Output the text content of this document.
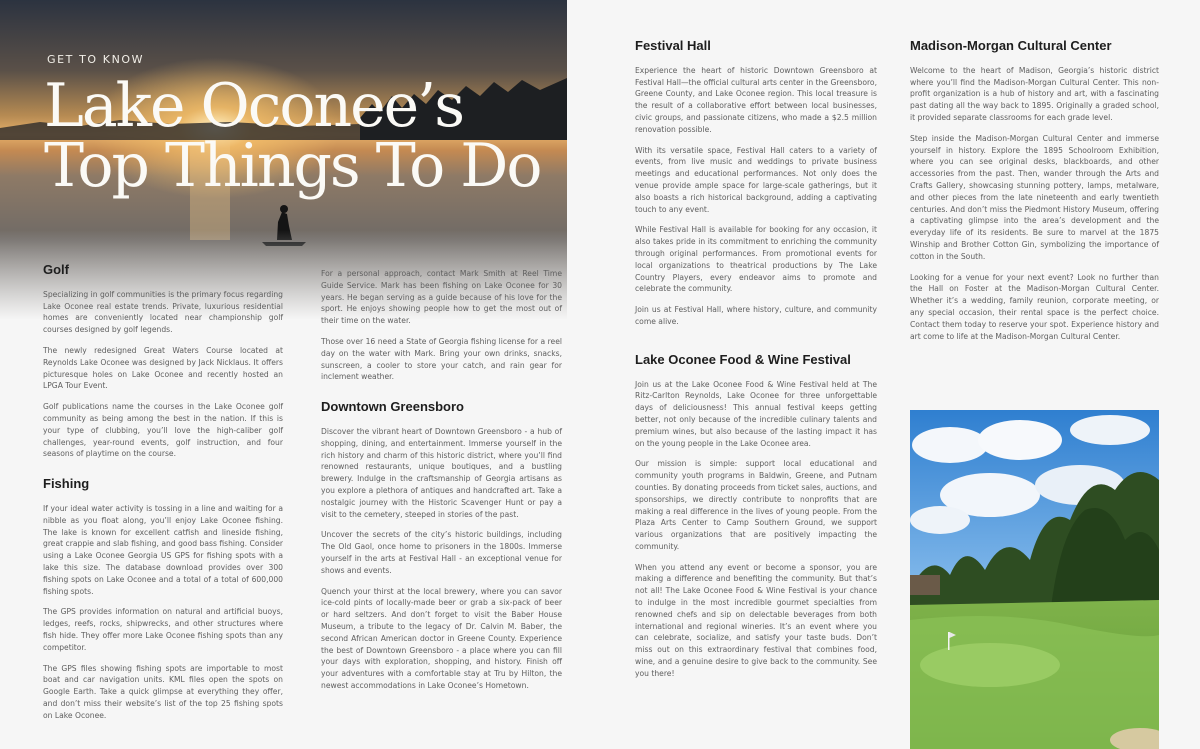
GET TO KNOW
Lake Oconee’s
Top Things To Do
Golf

Specializing in golf communities is the primary focus regarding Lake Oconee real estate trends. Private, luxurious residential homes are conveniently located near championship golf courses designed by golf legends.

The newly redesigned Great Waters Course located at Reynolds Lake Oconee was designed by Jack Nicklaus. It offers picturesque holes on Lake Oconee and recently hosted an LPGA Tour Event.

Golf publications name the courses in the Lake Oconee golf community as being among the best in the nation. If this is your type of clubbing, you’ll love the high-caliber golf challenges, year-round events, golf instruction, and four seasons of playtime on the course.

Fishing

If your ideal water activity is tossing in a line and waiting for a nibble as you float along, you’ll enjoy Lake Oconee fishing. The lake is known for excellent catfish and lineside fishing, great crappie and slab fishing, and good bass fishing. Consider using a Lake Oconee Georgia US GPS for fishing spots with a lake this size. The database download provides over 300 fishing spots on Lake Oconee and a total of a total of 600,000 fishing spots.

The GPS provides information on natural and artificial buoys, ledges, reefs, rocks, shipwrecks, and other structures where fish hide. They offer more Lake Oconee fishing spots than any competitor.

The GPS files showing fishing spots are importable to most boat and car navigation units. KML files open the spots on Google Earth. Take a quick glimpse at everything they offer, and don’t miss their website’s list of the top 25 fishing spots on Lake Oconee.

For a personal approach, contact Mark Smith at Reel Time Guide Service. Mark has been fishing on Lake Oconee for 30 years. He began serving as a guide because of his love for the sport. He enjoys showing people how to get the most out of their time on the water.

Those over 16 need a State of Georgia fishing license for a reel day on the water with Mark. Bring your own drinks, snacks, sunscreen, a cooler to store your catch, and rain gear for inclement weather.

Downtown Greensboro

Discover the vibrant heart of Downtown Greensboro - a hub of shopping, dining, and entertainment. Immerse yourself in the rich history and charm of this historic district, where you’ll find renowned restaurants, unique boutiques, and a bustling brewery. Indulge in the craftsmanship of Georgia artisans as you explore a plethora of antiques and handcrafted art. Take a nostalgic journey with the Historic Scavenger Hunt or pay a visit to the cemetery, steeped in stories of the past.

Uncover the secrets of the city’s historic buildings, including The Old Gaol, once home to prisoners in the 1800s. Immerse yourself in the arts at Festival Hall - an exceptional venue for shows and events.

Quench your thirst at the local brewery, where you can savor ice-cold pints of locally-made beer or grab a six-pack of beer or hard seltzers. And don’t forget to visit the Baber House Museum, a tribute to the legacy of Dr. Calvin M. Baber, the second African American doctor in Greene County. Experience the best of Downtown Greensboro - a place where you can fill your days with exploration, shopping, and history. Finish off your adventures with a comfortable stay at Tru by Hilton, the newest accommodations in Lake Oconee’s Hometown.

Festival Hall

Experience the heart of historic Downtown Greensboro at Festival Hall—the official cultural arts center in the Greensboro, Greene County, and Lake Oconee region. This local treasure is the result of a collaborative effort between local businesses, civic groups, and passionate citizens, who made a $2.5 million renovation possible.

With its versatile space, Festival Hall caters to a variety of events, from live music and weddings to private business meetings and educational performances. Not only does the venue provide ample space for large-scale gatherings, but it also boasts a rich historical background, adding a captivating touch to any event.

While Festival Hall is available for booking for any occasion, it also takes pride in its commitment to enriching the community through original performances. From promotional events for local organizations to theatrical productions by The Lake Country Players, every endeavor aims to promote and celebrate the community.

Join us at Festival Hall, where history, culture, and community come alive.

Lake Oconee Food & Wine Festival

Join us at the Lake Oconee Food & Wine Festival held at The Ritz-Carlton Reynolds, Lake Oconee for three unforgettable days of deliciousness! This annual festival keeps getting better, not only because of the incredible culinary talents and premium wines, but also because of the lasting impact it has on the young people in the Lake Oconee area.

Our mission is simple: support local educational and community youth programs in Baldwin, Greene, and Putnam counties. By donating proceeds from ticket sales, auctions, and sponsorships, we directly contribute to nonprofits that are making a real difference in the lives of young people. From the Plaza Arts Center to Camp Southern Ground, we support various organizations that are positively impacting the community.

When you attend any event or become a sponsor, you are making a difference and benefiting the community. But that’s not all! The Lake Oconee Food & Wine Festival is your chance to indulge in the most incredible gourmet specialties from renowned chefs and sip on delectable beverages from both international and regional wineries. It’s an event where you can celebrate, socialize, and satisfy your taste buds. Don’t miss out on this extraordinary festival that combines food, wine, and a genuine desire to give back to the community. See you there!

Madison-Morgan Cultural Center

Welcome to the heart of Madison, Georgia’s historic district where you’ll find the Madison-Morgan Cultural Center. This non-profit organization is a hub of history and art, with a fascinating past dating all the way back to 1895. Originally a graded school, it provided separate classrooms for each grade level.

Step inside the Madison-Morgan Cultural Center and immerse yourself in history. Explore the 1895 Schoolroom Exhibition, where you can see original desks, blackboards, and other accessories from the past. Then, wander through the Arts and Crafts Gallery, showcasing stunning pottery, lamps, metalware, and other pieces from the late nineteenth and early twentieth centuries. And don’t miss the Piedmont History Museum, offering a captivating glimpse into the area’s development and the everyday life of its residents. Be sure to marvel at the 1875 Winship and Brother Cotton Gin, symbolizing the importance of cotton in the South.

Looking for a venue for your next event? Look no further than the Hall on Foster at the Madison-Morgan Cultural Center. Whether it’s a wedding, family reunion, corporate meeting, or any special occasion, their rental space is the perfect choice. Contact them today to reserve your spot. Experience history and art come to life at the Madison-Morgan Cultural Center.
